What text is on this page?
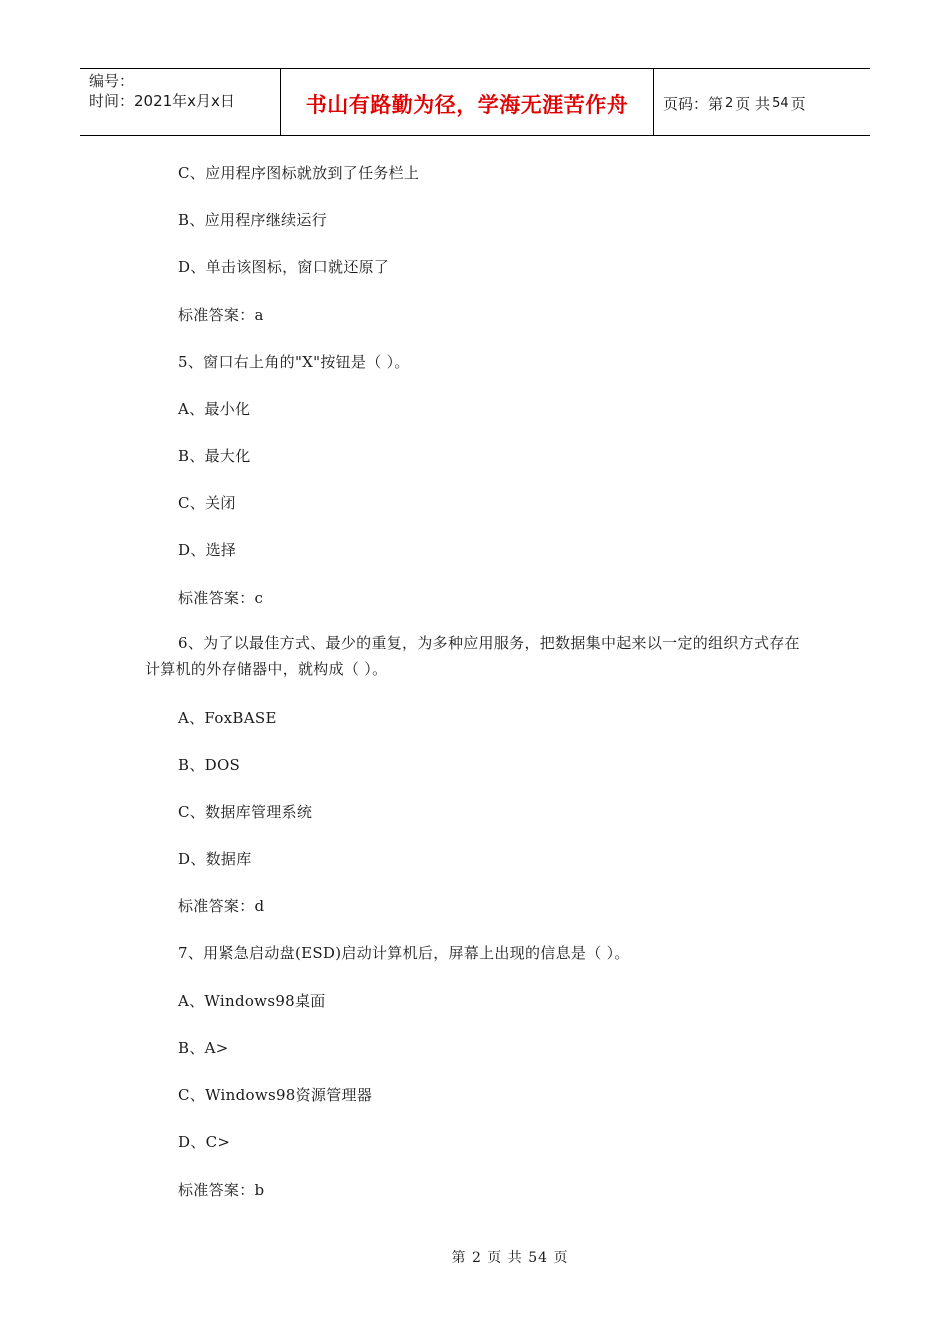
编号：
时间：2021年x月x日	书山有路勤为径，学海无涯苦作舟	页码：第 2 页 共 54 页
C、应用程序图标就放到了任务栏上
B、应用程序继续运行
D、单击该图标，窗口就还原了
标准答案：a
5、窗口右上角的"X"按钮是（ ）。
A、最小化
B、最大化
C、关闭
D、选择
标准答案：c
6、为了以最佳方式、最少的重复，为多种应用服务，把数据集中起来以一定的组织方式存在计算机的外存储器中，就构成（ ）。
A、FoxBASE
B、DOS
C、数据库管理系统
D、数据库
标准答案：d
7、用紧急启动盘(ESD)启动计算机后，屏幕上出现的信息是（ ）。
A、Windows98桌面
B、A>
C、Windows98资源管理器
D、C>
标准答案：b
第 2 页 共 54 页
